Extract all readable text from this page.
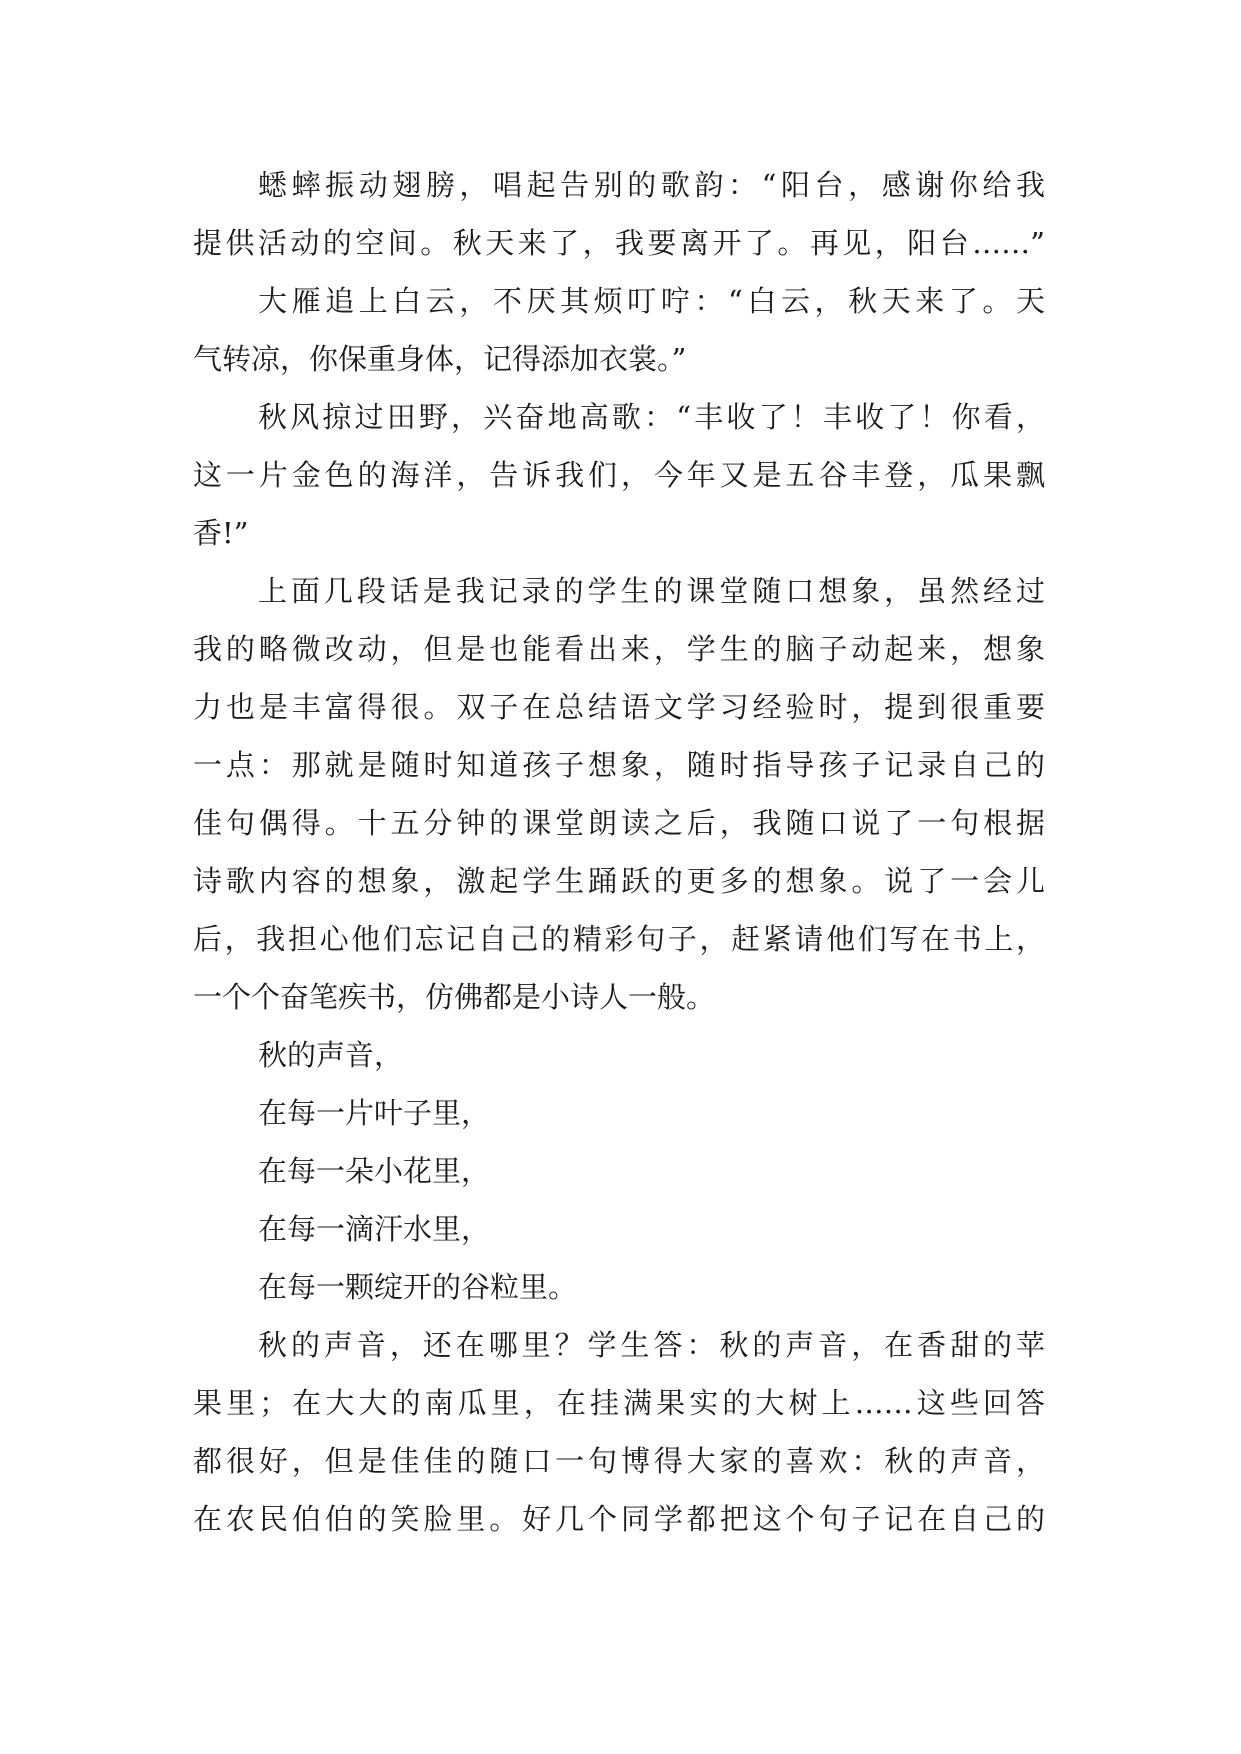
蟋蟀振动翅膀，唱起告别的歌韵：“阳台，感谢你给我
提供活动的空间。秋天来了，我要离开了。再见，阳台……”
大雁追上白云，不厌其烦叮咛：“白云，秋天来了。天
气转凉，你保重身体，记得添加衣裳。”
秋风掠过田野，兴奋地高歌：“丰收了！丰收了！你看，
这一片金色的海洋，告诉我们，今年又是五谷丰登，瓜果飘
香!”
上面几段话是我记录的学生的课堂随口想象，虽然经过
我的略微改动，但是也能看出来，学生的脑子动起来，想象
力也是丰富得很。双子在总结语文学习经验时，提到很重要
一点：那就是随时知道孩子想象，随时指导孩子记录自己的
佳句偶得。十五分钟的课堂朗读之后，我随口说了一句根据
诗歌内容的想象，激起学生踊跃的更多的想象。说了一会儿
后，我担心他们忘记自己的精彩句子，赶紧请他们写在书上，
一个个奋笔疾书，仿佛都是小诗人一般。
秋的声音，
在每一片叶子里，
在每一朵小花里，
在每一滴汗水里，
在每一颗绽开的谷粒里。
秋的声音，还在哪里？学生答：秋的声音，在香甜的苹
果里；在大大的南瓜里，在挂满果实的大树上……这些回答
都很好，但是佳佳的随口一句博得大家的喜欢：秋的声音，
在农民伯伯的笑脸里。好几个同学都把这个句子记在自己的
